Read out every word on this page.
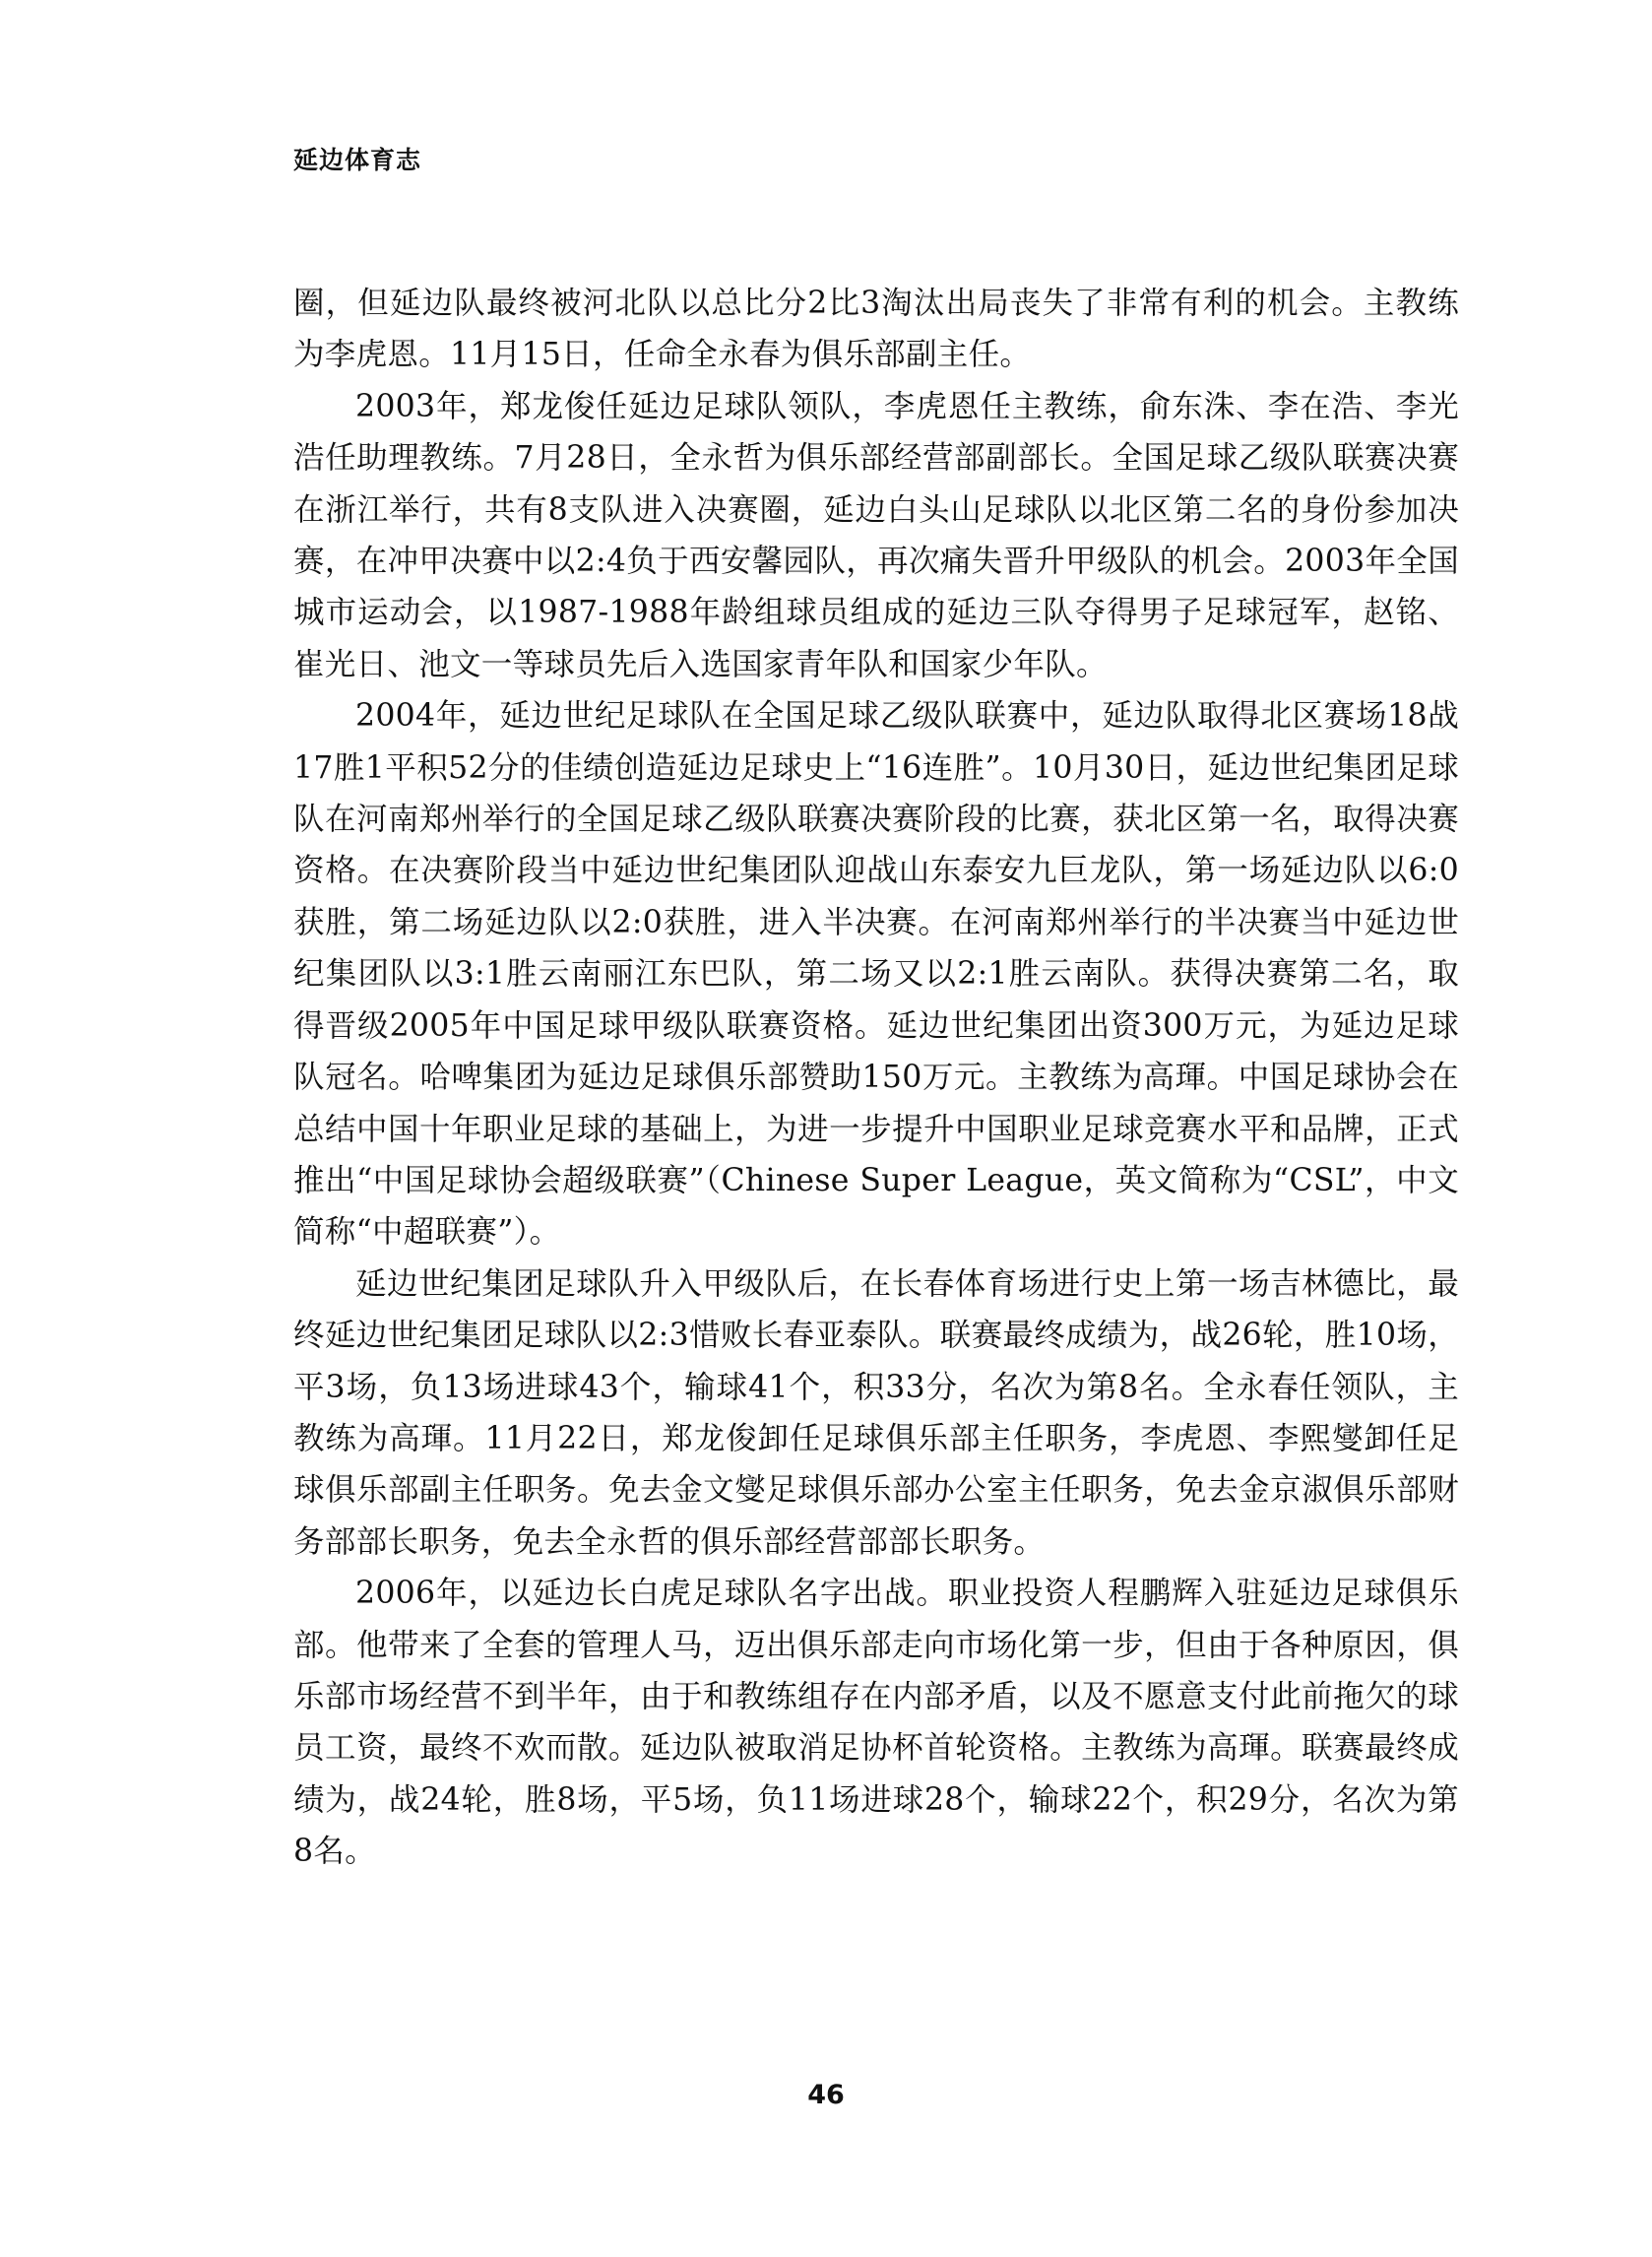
延边体育志

圈，但延边队最终被河北队以总比分2比3淘汰出局丧失了非常有利的机会。主教练为李虎恩。11月15日，任命全永春为俱乐部副主任。

2003年，郑龙俊任延边足球队领队，李虎恩任主教练，俞东洙、李在浩、李光浩任助理教练。7月28日，全永哲为俱乐部经营部副部长。全国足球乙级队联赛决赛在浙江举行，共有8支队进入决赛圈，延边白头山足球队以北区第二名的身份参加决赛，在冲甲决赛中以2:4负于西安馨园队，再次痛失晋升甲级队的机会。2003年全国城市运动会，以1987-1988年龄组球员组成的延边三队夺得男子足球冠军，赵铭、崔光日、池文一等球员先后入选国家青年队和国家少年队。

2004年，延边世纪足球队在全国足球乙级队联赛中，延边队取得北区赛场18战17胜1平积52分的佳绩创造延边足球史上“16连胜”。10月30日，延边世纪集团足球队在河南郑州举行的全国足球乙级队联赛决赛阶段的比赛，获北区第一名，取得决赛资格。在决赛阶段当中延边世纪集团队迎战山东泰安九巨龙队，第一场延边队以6:0获胜，第二场延边队以2:0获胜，进入半决赛。在河南郑州举行的半决赛当中延边世纪集团队以3:1胜云南丽江东巴队，第二场又以2:1胜云南队。获得决赛第二名，取得晋级2005年中国足球甲级队联赛资格。延边世纪集团出资300万元，为延边足球队冠名。哈啤集团为延边足球俱乐部赞助150万元。主教练为高琿。中国足球协会在总结中国十年职业足球的基础上，为进一步提升中国职业足球竞赛水平和品牌，正式推出“中国足球协会超级联赛”（Chinese Super League，英文简称为“CSL”，中文简称“中超联赛”）。

延边世纪集团足球队升入甲级队后，在长春体育场进行史上第一场吉林德比，最终延边世纪集团足球队以2:3惜败长春亚泰队。联赛最终成绩为，战26轮，胜10场，平3场，负13场进球43个，输球41个，积33分，名次为第8名。全永春任领队，主教练为高琿。11月22日，郑龙俊卸任足球俱乐部主任职务，李虎恩、李熙燮卸任足球俱乐部副主任职务。免去金文燮足球俱乐部办公室主任职务，免去金京淑俱乐部财务部部长职务，免去全永哲的俱乐部经营部部长职务。

2006年，以延边长白虎足球队名字出战。职业投资人程鹏辉入驻延边足球俱乐部。他带来了全套的管理人马，迈出俱乐部走向市场化第一步，但由于各种原因，俱乐部市场经营不到半年，由于和教练组存在内部矛盾，以及不愿意支付此前拖欠的球员工资，最终不欢而散。延边队被取消足协杯首轮资格。主教练为高琿。联赛最终成绩为，战24轮，胜8场，平5场，负11场进球28个，输球22个，积29分，名次为第8名。

46
